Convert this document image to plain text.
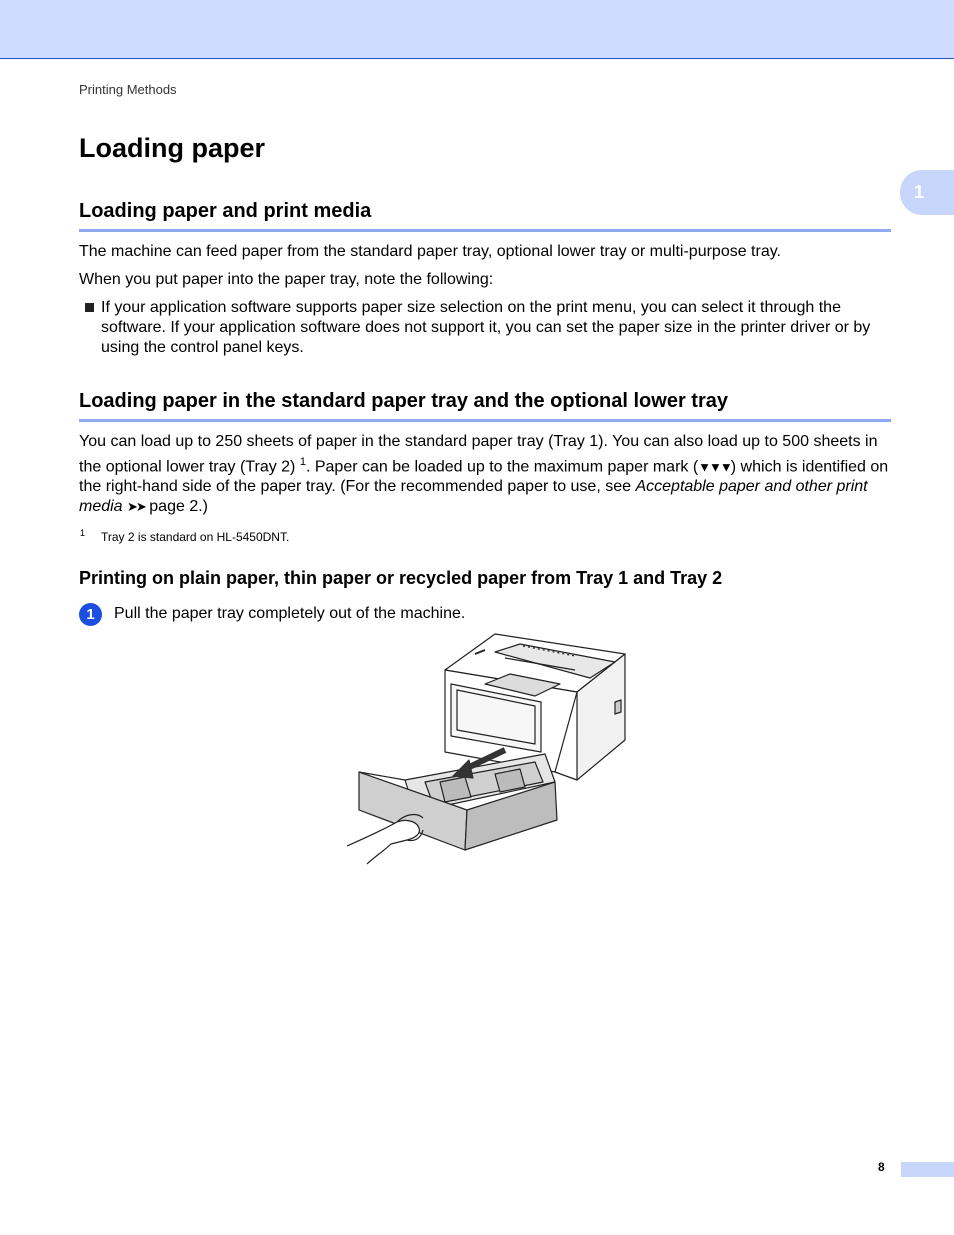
Printing Methods
1
Loading paper
Loading paper and print media

The machine can feed paper from the standard paper tray, optional lower tray or multi-purpose tray.

When you put paper into the paper tray, note the following:

If your application software supports paper size selection on the print menu, you can select it through the software. If your application software does not support it, you can set the paper size in the printer driver or by using the control panel keys.
Loading paper in the standard paper tray and the optional lower tray

You can load up to 250 sheets of paper in the standard paper tray (Tray 1). You can also load up to 500 sheets in the optional lower tray (Tray 2) $^1$. Paper can be loaded up to the maximum paper mark (▼▼▼) which is identified on the right-hand side of the paper tray. (For the recommended paper to use, see Acceptable paper and other print media ➤➤ page 2.)

1 Tray 2 is standard on HL-5450DNT.
Printing on plain paper, thin paper or recycled paper from Tray 1 and Tray 2
1	Pull the paper tray completely out of the machine.
8
